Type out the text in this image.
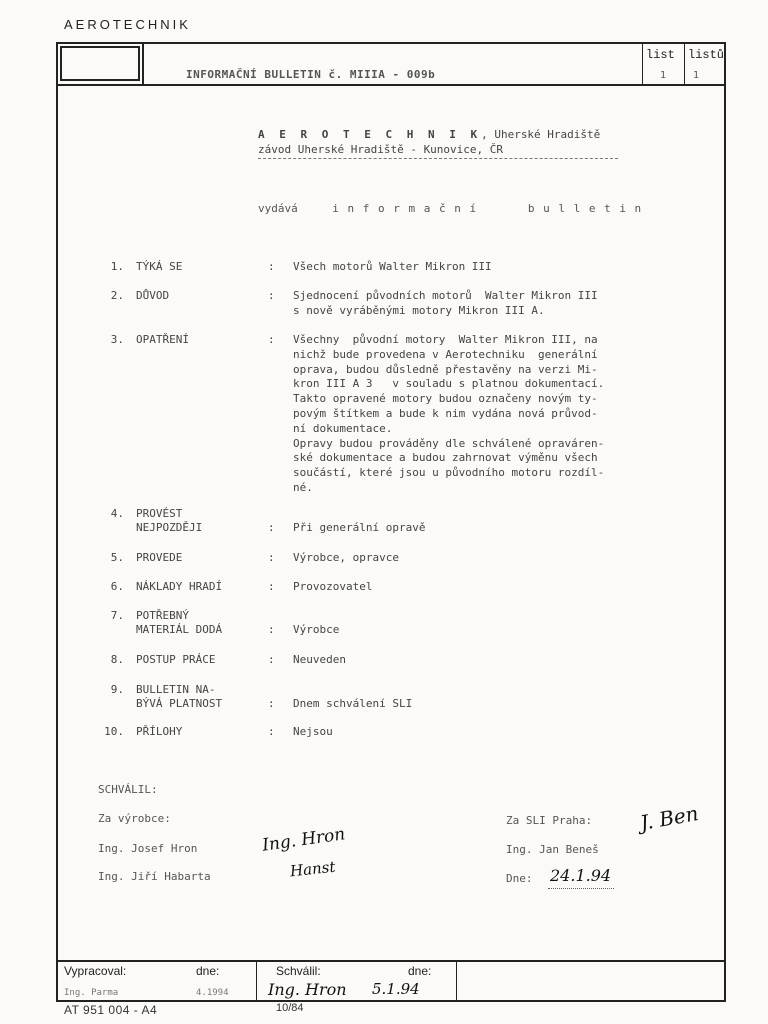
AEROTECHNIK
INFORMAČNÍ BULLETIN č. MIIIA - 009b
list listů
1	1
A E R O T E C H N I K, Uherské Hradiště
závod Uherské Hradiště - Kunovice, ČR
vydává	i n f o r m a č n í	b u l l e t i n
1. TÝKÁ SE	: Všech motorů Walter Mikron III
2. DŮVOD	: Sjednocení původních motorů  Walter Mikron III
s nově vyráběnými motory Mikron III A.
3. OPATŘENÍ	: Všechny  původní motory  Walter Mikron III, na
nichž bude provedena v Aerotechniku  generální
oprava, budou důsledně přestavěny na verzi Mi-
kron III A 3   v souladu s platnou dokumentací.
Takto opravené motory budou označeny novým ty-
povým štítkem a bude k nim vydána nová průvod-
ní dokumentace.
Opravy budou prováděny dle schválené opraváren-
ské dokumentace a budou zahrnovat výměnu všech
součástí, které jsou u původního motoru rozdíl-
né.
4. PROVÉST
NEJPOZDĚJI	: Při generální opravě
5. PROVEDE	: Výrobce, opravce
6. NÁKLADY HRADÍ	: Provozovatel
7. POTŘEBNÝ
MATERIÁL DODÁ	: Výrobce
8. POSTUP PRÁCE	: Neuveden
9. BULLETIN NA-
BÝVÁ PLATNOST	: Dnem schválení SLI
10. PŘÍLOHY	: Nejsou
SCHVÁLIL:
Za výrobce:
Ing. Josef Hron
Ing. Jiří Habarta
Ing. Hron
Hanst
Za SLI Praha:
Ing. Jan Beneš
Dne: 24.1.94
J. Ben
Vypracoval:	dne:
Ing. Parma	4.1994
Schválil:	dne:
Ing. Hron 5.1.94
AT 951 004 - A4	10/84
